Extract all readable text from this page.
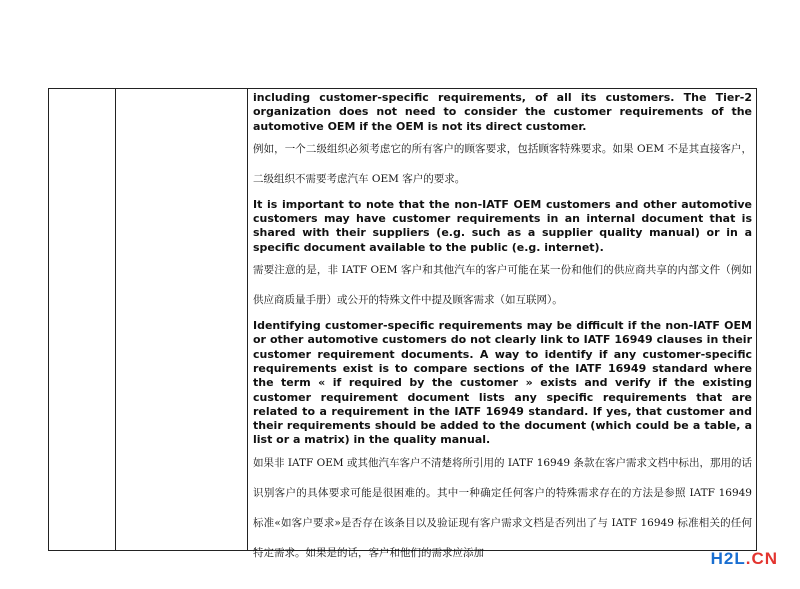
including customer-specific requirements, of all its customers. The Tier-2 organization does not need to consider the customer requirements of the automotive OEM if the OEM is not its direct customer.

例如，一个二级组织必须考虑它的所有客户的顾客要求，包括顾客特殊要求。如果 OEM 不是其直接客户，二级组织不需要考虑汽车 OEM 客户的要求。

It is important to note that the non-IATF OEM customers and other automotive customers may have customer requirements in an internal document that is shared with their suppliers (e.g. such as a supplier quality manual) or in a specific document available to the public (e.g. internet).

需要注意的是，非 IATF OEM 客户和其他汽车的客户可能在某一份和他们的供应商共享的内部文件（例如供应商质量手册）或公开的特殊文件中提及顾客需求（如互联网）。

Identifying customer-specific requirements may be difficult if the non-IATF OEM or other automotive customers do not clearly link to IATF 16949 clauses in their customer requirement documents. A way to identify if any customer-specific requirements exist is to compare sections of the IATF 16949 standard where the term « if required by the customer » exists and verify if the existing customer requirement document lists any specific requirements that are related to a requirement in the IATF 16949 standard. If yes, that customer and their requirements should be added to the document (which could be a table, a list or a matrix) in the quality manual.

如果非 IATF OEM 或其他汽车客户不清楚将所引用的 IATF 16949 条款在客户需求文档中标出，那用的话识别客户的具体要求可能是很困难的。其中一种确定任何客户的特殊需求存在的方法是参照 IATF 16949 标准«如客户要求»是否存在该条目以及验证现有客户需求文档是否列出了与 IATF 16949 标准相关的任何特定需求。如果是的话，客户和他们的需求应添加	H2L.CN
